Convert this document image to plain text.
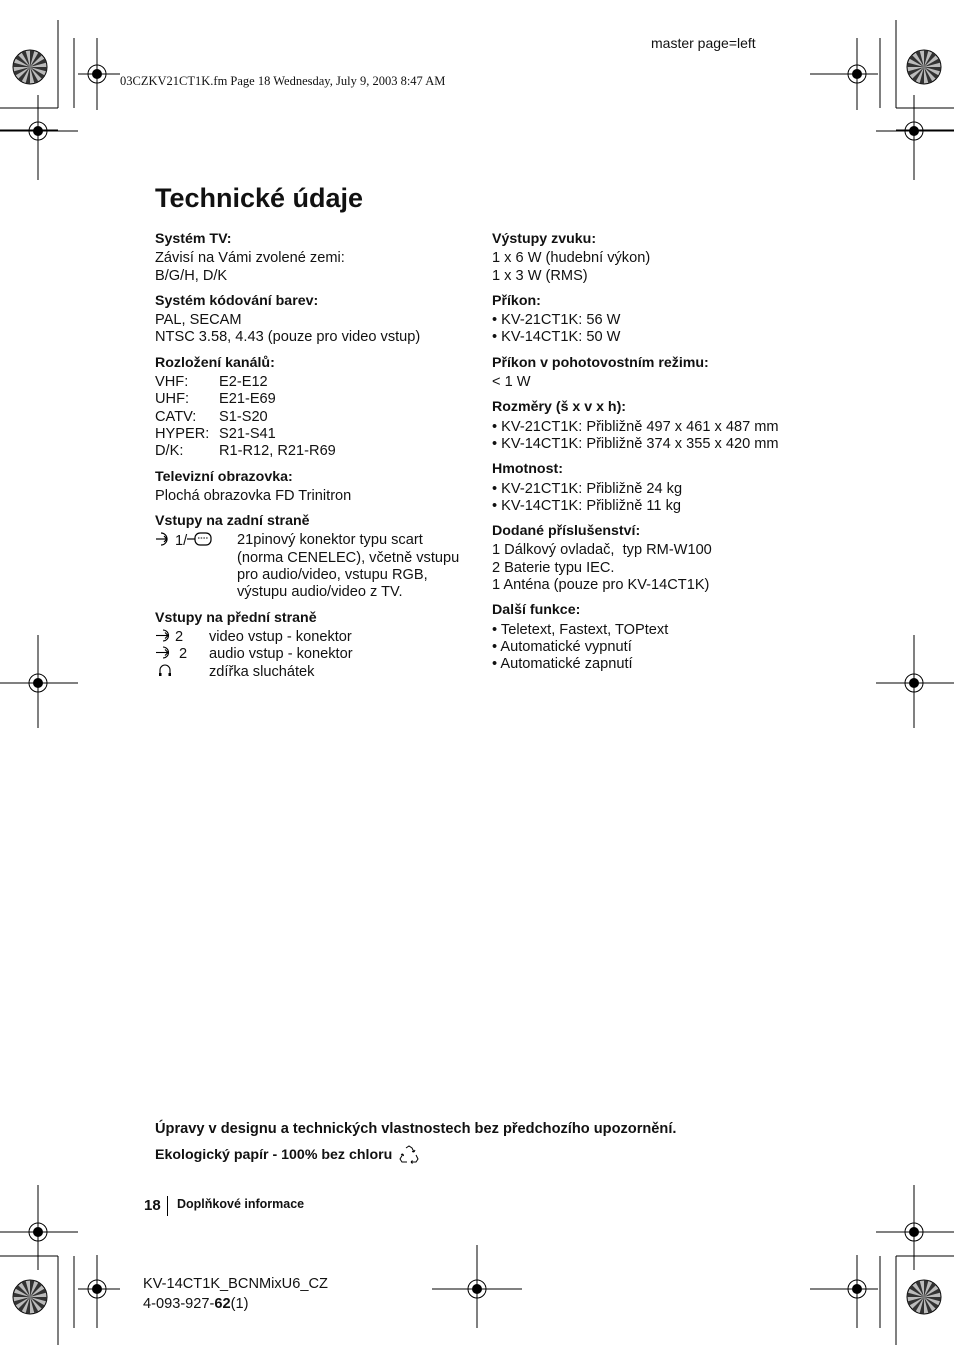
master page=left
03CZKV21CT1K.fm Page 18 Wednesday, July 9, 2003 8:47 AM
Technické údaje
Systém TV:
Závisí na Vámi zvolené zemi:
B/G/H, D/K
Systém kódování barev:
PAL, SECAM
NTSC 3.58, 4.43 (pouze pro video vstup)
Rozložení kanálů:
VHF:	E2-E12
UHF:	E21-E69
CATV:	S1-S20
HYPER: S21-S41
D/K:	R1-R12, R21-R69
Televizní obrazovka:
Plochá obrazovka FD Trinitron
Vstupy na zadní straně
1/	21pinový konektor typu scart (norma CENELEC), včetně vstupu pro audio/video, vstupu RGB, výstupu audio/video z TV.
Vstupy na přední straně
2	video vstup - konektor
2	audio vstup - konektor
zdířka sluchátek
Výstupy zvuku:
1 x 6 W (hudební výkon)
1 x 3 W (RMS)
Příkon:
• KV-21CT1K: 56 W
• KV-14CT1K: 50 W
Příkon v pohotovostním režimu:
< 1 W
Rozměry (š x v x h):
• KV-21CT1K: Přibližně 497 x 461 x 487 mm
• KV-14CT1K: Přibližně 374 x 355 x 420 mm
Hmotnost:
• KV-21CT1K: Přibližně 24 kg
• KV-14CT1K: Přibližně 11 kg
Dodané příslušenství:
1 Dálkový ovladač,  typ RM-W100
2 Baterie typu IEC.
1 Anténa (pouze pro KV-14CT1K)
Další funkce:
• Teletext, Fastext, TOPtext
• Automatické vypnutí
• Automatické zapnutí
Úpravy v designu a technických vlastnostech bez předchozího upozornění.
Ekologický papír - 100% bez chloru
18 Doplňkové informace
KV-14CT1K_BCNMixU6_CZ
4-093-927-62(1)
